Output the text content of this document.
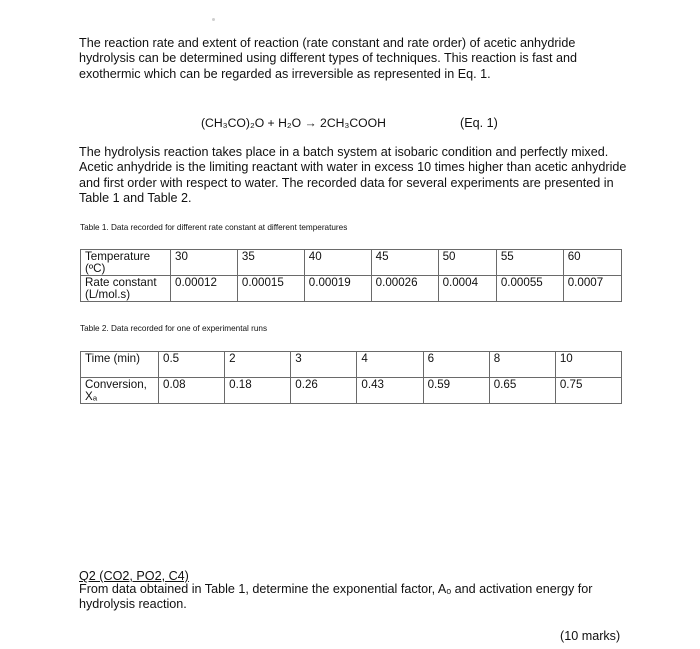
The reaction rate and extent of reaction (rate constant and rate order) of acetic anhydride hydrolysis can be determined using different types of techniques. This reaction is fast and exothermic which can be regarded as irreversible as represented in Eq. 1.

(CH₃CO)₂O + H₂O → 2CH₃COOH	(Eq. 1)

The hydrolysis reaction takes place in a batch system at isobaric condition and perfectly mixed. Acetic anhydride is the limiting reactant with water in excess 10 times higher than acetic anhydride and first order with respect to water. The recorded data for several experiments are presented in Table 1 and Table 2.

Table 1. Data recorded for different rate constant at different temperatures
Temperature (ºC)	30	35	40	45	50	55	60
Rate constant (L/mol.s)	0.00012	0.00015	0.00019	0.00026	0.0004	0.00055	0.0007
Table 2. Data recorded for one of experimental runs
Time (min)	0.5	2	3	4	6	8	10
Conversion, Xₐ	0.08	0.18	0.26	0.43	0.59	0.65	0.75
Q2 (CO2, PO2, C4)

From data obtained in Table 1, determine the exponential factor, Aₒ and activation energy for hydrolysis reaction.

(10 marks)
